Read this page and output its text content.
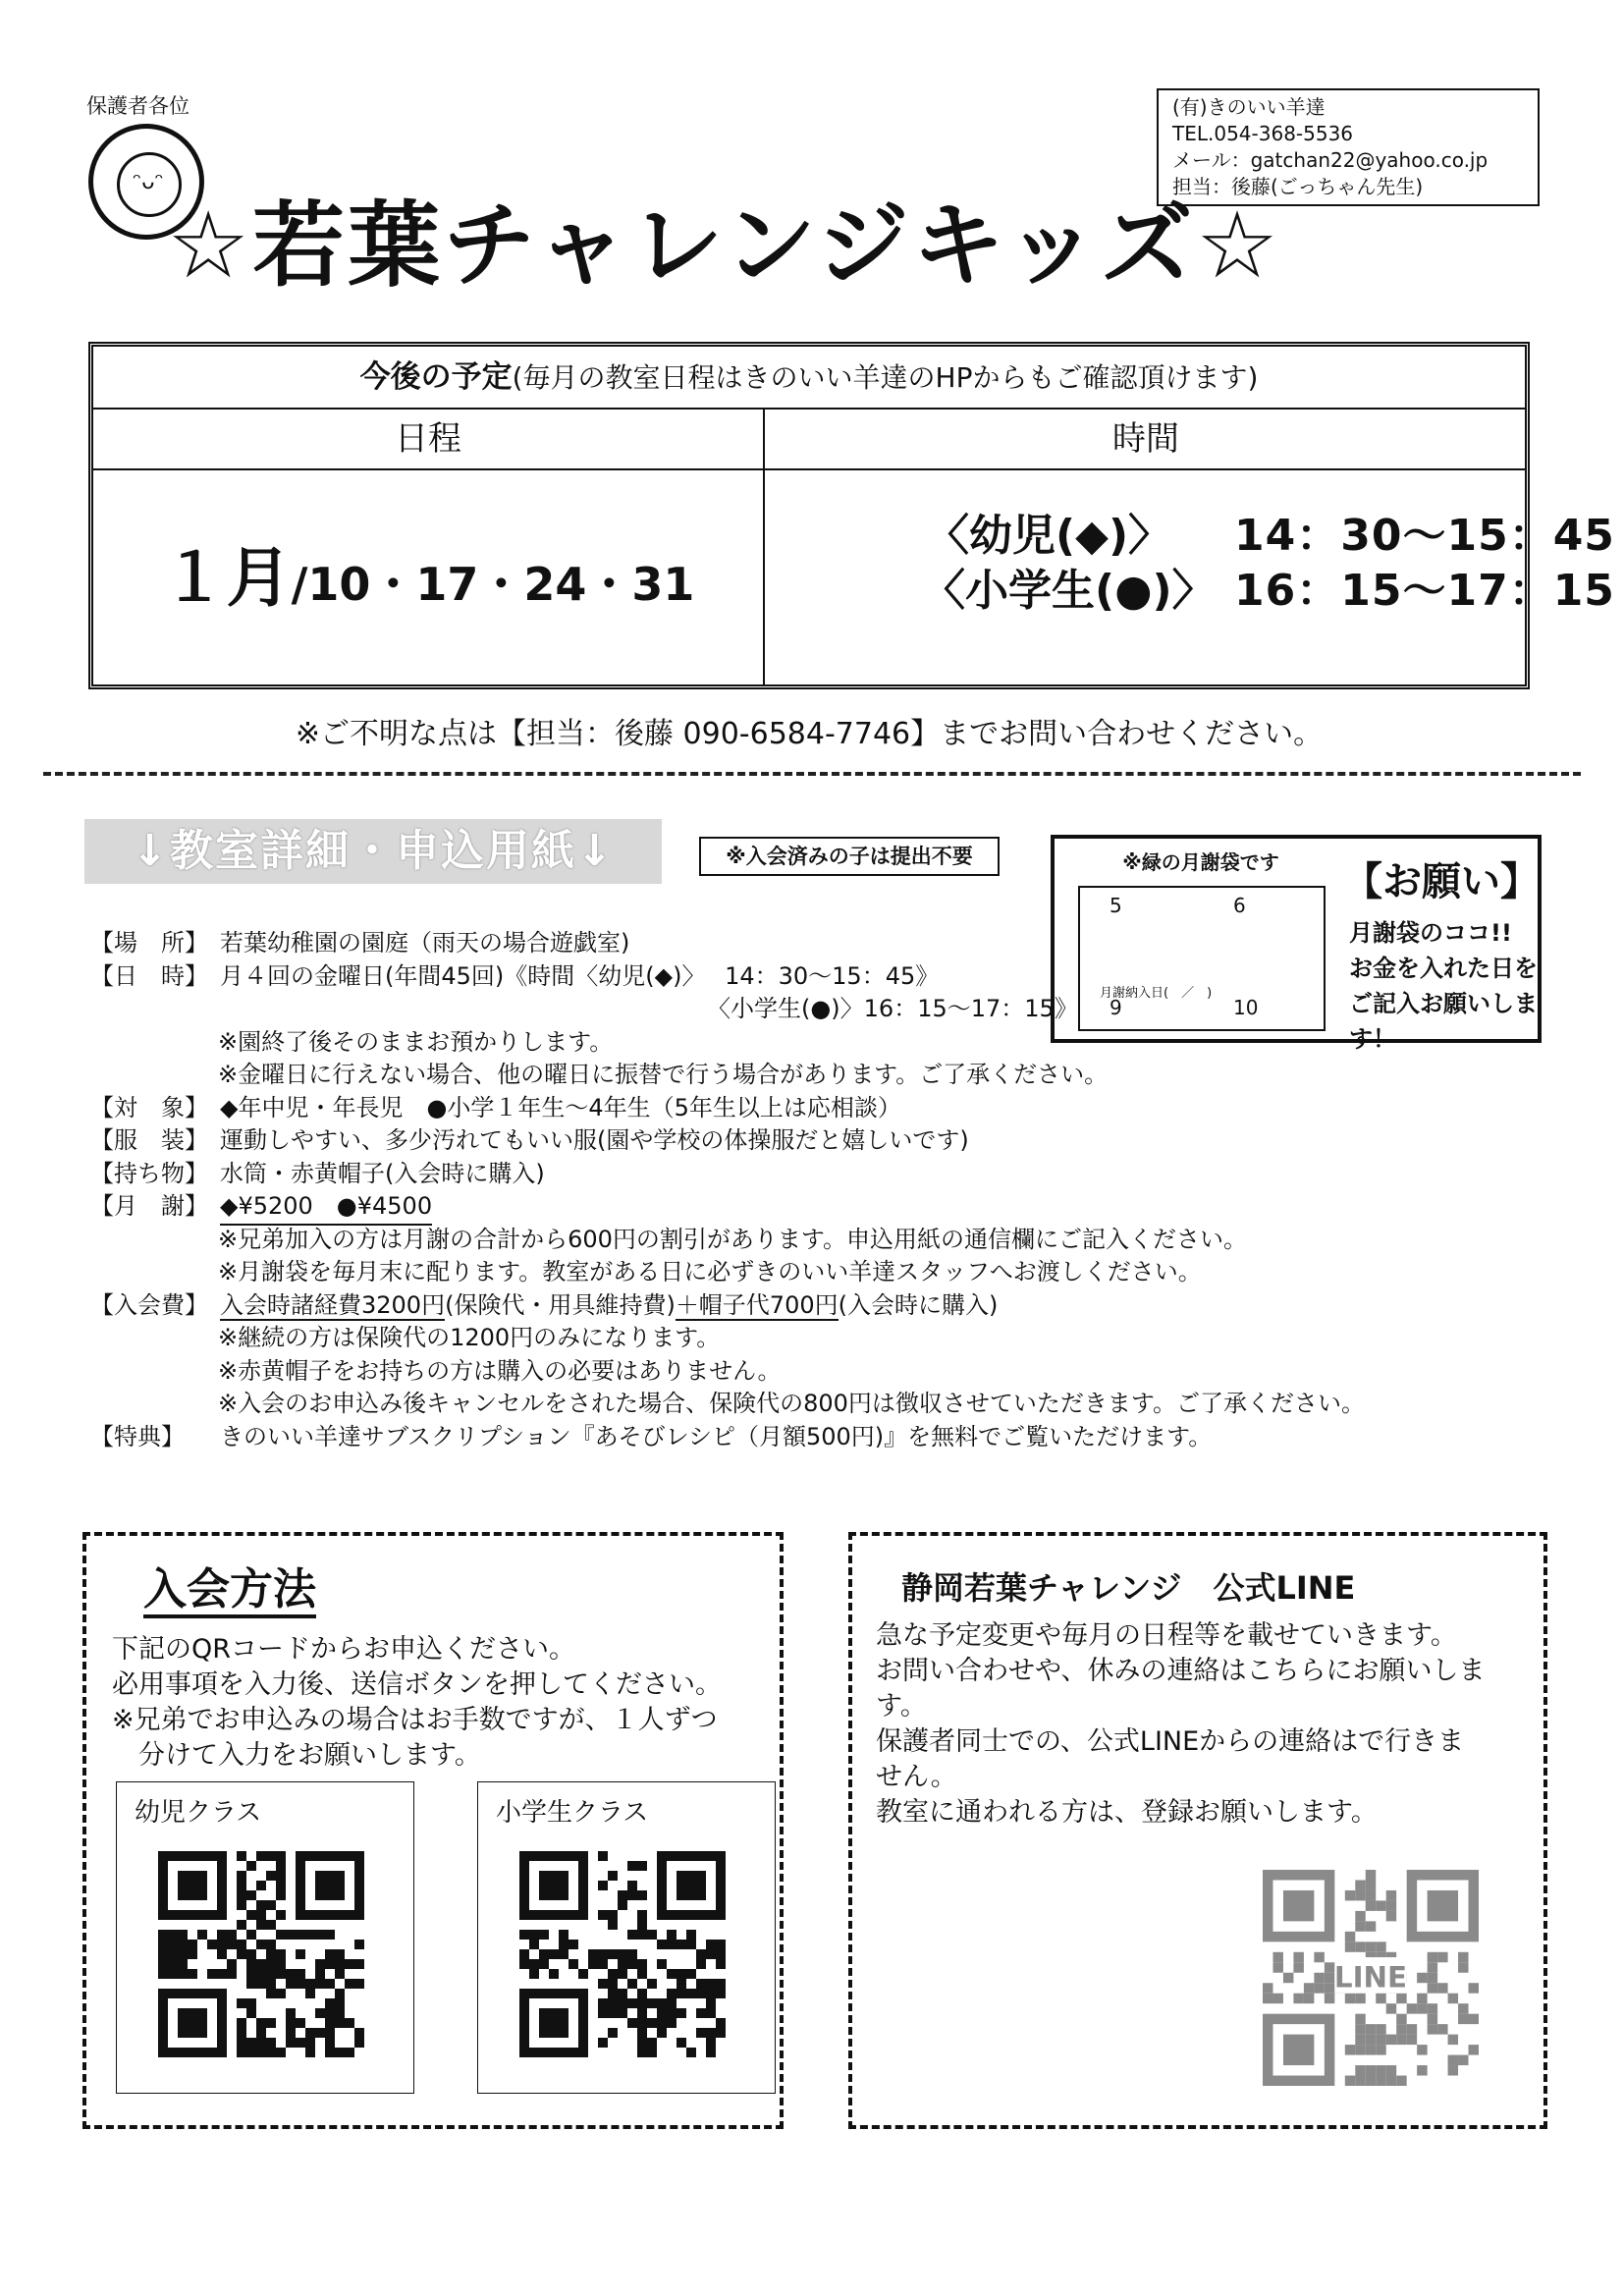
保護者各位
ᵔᴗᵔ
(有)きのいい羊達
TEL.054-368-5536
メール：gatchan22@yahoo.co.jp
担当：後藤(ごっちゃん先生)
☆若葉チャレンジキッズ☆
今後の予定(毎月の教室日程はきのいい羊達のHPからもご確認頂けます)
日程	時間
１月/10・17・24・31
〈幼児(◆)〉 14：30〜15：45
〈小学生(●)〉 16：15〜17：15
※ご不明な点は【担当：後藤 090-6584-7746】までお問い合わせください。
↓教室詳細・申込用紙↓	※入会済みの子は提出不要	※緑の月謝袋です
5	6
9	10
月謝納入日(　／　)
【お願い】
月謝袋のココ!!
お金を入れた日を
ご記入お願いします！
【場　所】 若葉幼稚園の園庭（雨天の場合遊戯室)
【日　時】 月４回の金曜日(年間45回)《時間〈幼児(◆)〉　 14：30〜15：45》
〈小学生(●)〉16：15〜17：15》
※園終了後そのままお預かりします。
※金曜日に行えない場合、他の曜日に振替で行う場合があります。ご了承ください。
【対　象】 ◆年中児・年長児　●小学１年生〜4年生（5年生以上は応相談）
【服　装】 運動しやすい、多少汚れてもいい服(園や学校の体操服だと嬉しいです)
【持ち物】 水筒・赤黄帽子(入会時に購入)
【月　謝】 ◆¥5200　●¥4500
※兄弟加入の方は月謝の合計から600円の割引があります。申込用紙の通信欄にご記入ください。
※月謝袋を毎月末に配ります。教室がある日に必ずきのいい羊達スタッフへお渡しください。
【入会費】 入会時諸経費3200円(保険代・用具維持費)＋帽子代700円(入会時に購入)
※継続の方は保険代の1200円のみになります。
※赤黄帽子をお持ちの方は購入の必要はありません。
※入会のお申込み後キャンセルをされた場合、保険代の800円は徴収させていただきます。ご了承ください。
【特典】	きのいい羊達サブスクリプション『あそびレシピ（月額500円)』を無料でご覧いただけます。
入会方法
下記のQRコードからお申込ください。
必用事項を入力後、送信ボタンを押してください。
※兄弟でお申込みの場合はお手数ですが、１人ずつ
　分けて入力をお願いします。
幼児クラス	小学生クラス
静岡若葉チャレンジ　公式LINE
急な予定変更や毎月の日程等を載せていきます。
お問い合わせや、休みの連絡はこちらにお願いしま
す。
保護者同士での、公式LINEからの連絡はで行きま
せん。
教室に通われる方は、登録お願いします。
LINE
